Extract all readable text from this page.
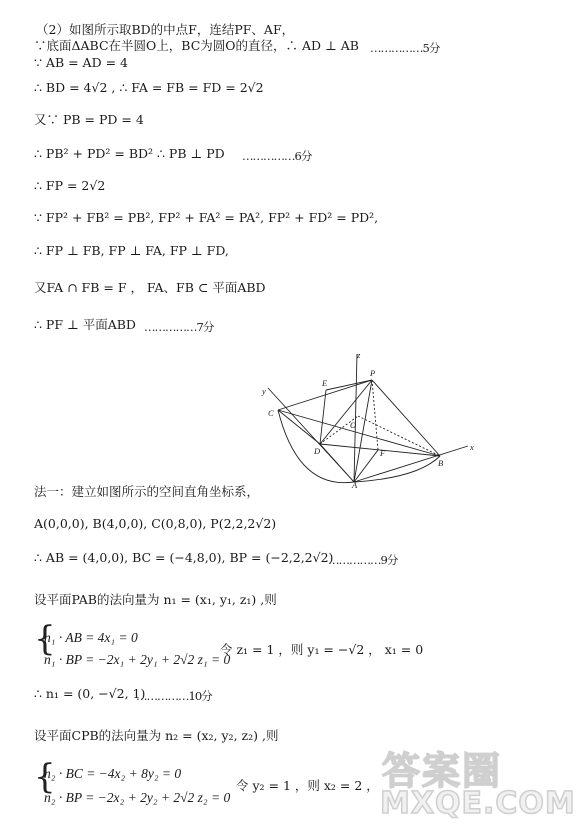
（2）如图所示取BD的中点F，连结PF、AF，
∵底面ΔABC在半圆O上，BC为圆O的直径，∴ AD ⊥ AB
∵ AB = AD = 4
∴ BD = 4√2 , ∴ FA = FB = FD = 2√2
又∵ PB = PD = 4
∴ PB² + PD² = BD² ∴ PB ⊥ PD
∴ FP = 2√2
∵ FP² + FB² = PB², FP² + FA² = PA², FP² + FD² = PD²,
∴ FP ⊥ FB, FP ⊥ FA, FP ⊥ FD,
又FA ∩ FB = F ， FA、FB ⊂ 平面ABD
∴ PF ⊥ 平面ABD
法一：建立如图所示的空间直角坐标系，
A(0,0,0), B(4,0,0), C(0,8,0), P(2,2,2√2)
∴ AB = (4,0,0), BC = (−4,8,0), BP = (−2,2,2√2)
设平面PAB的法向量为 n₁ = (x₁, y₁, z₁) ,则
∴ n₁ = (0, −√2, 1)
设平面CPB的法向量为 n₂ = (x₂, y₂, z₂) ,则
……………5分
……………6分
……………7分
……………9分
……………10分
{
n₁ · AB = 4x₁ = 0
n₁ · BP = −2x₁ + 2y₁ + 2√2 z₁ = 0
令 z₁ = 1 ，则 y₁ = −√2 ， x₁ = 0
{
n₂ · BC = −4x₂ + 8y₂ = 0
n₂ · BP = −2x₂ + 2y₂ + 2√2 z₂ = 0
令 y₂ = 1 ，则 x₂ = 2 ，
z
y
x
E
P
C
O
D	F
B
A
答案圈
MXQE.COM
